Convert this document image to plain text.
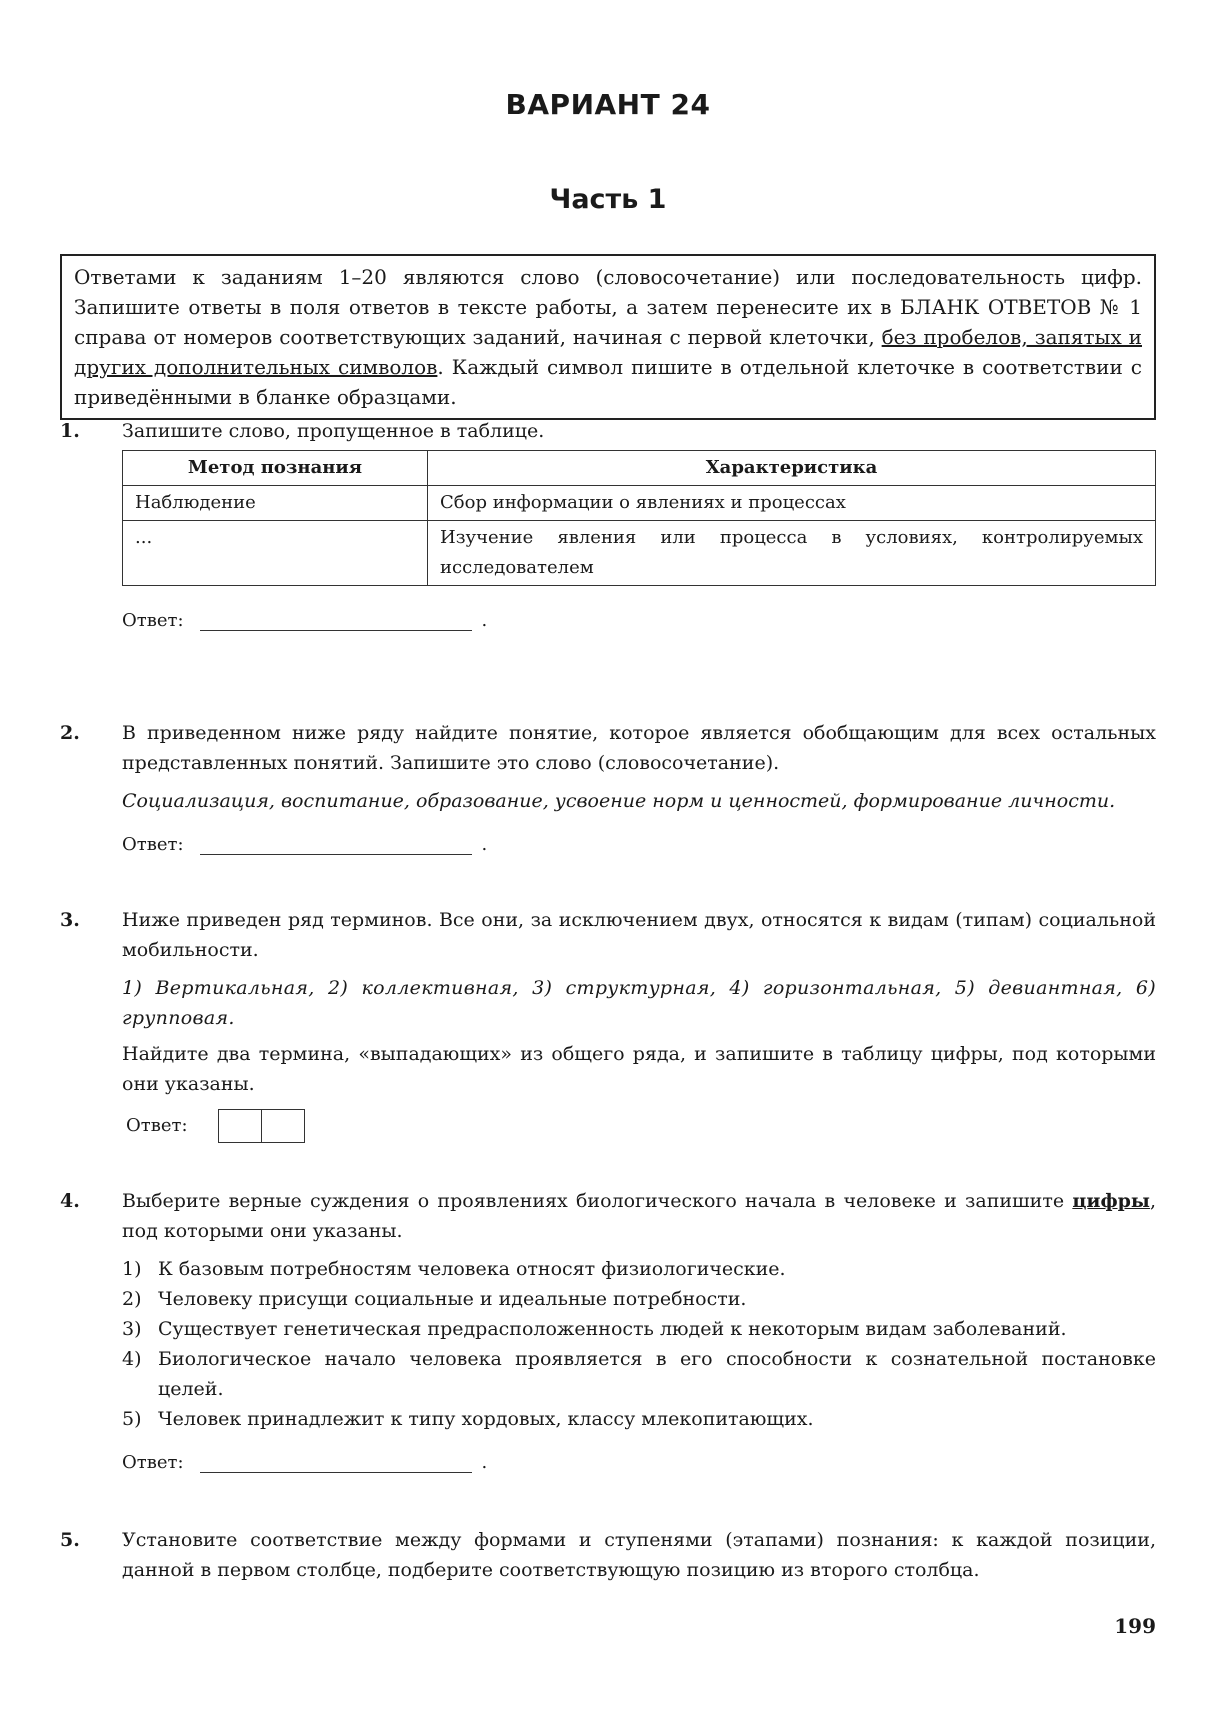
ВАРИАНТ 24
Часть 1
Ответами к заданиям 1–20 являются слово (словосочетание) или последовательность цифр. Запишите ответы в поля ответов в тексте работы, а затем перенесите их в БЛАНК ОТВЕТОВ № 1 справа от номеров соответствующих заданий, начиная с первой клеточки, без пробелов, запятых и других дополнительных символов. Каждый символ пишите в отдельной клеточке в соответствии с приведёнными в бланке образцами.
1.	Запишите слово, пропущенное в таблице.

Метод познания	Характеристика
Наблюдение	Сбор информации о явлениях и процессах
...	Изучение явления или процесса в условиях, контролируемых исследователем
Ответ:	.
2.	В приведенном ниже ряду найдите понятие, которое является обобщающим для всех остальных представленных понятий. Запишите это слово (словосочетание).

Социализация, воспитание, образование, усвоение норм и ценностей, формирование личности.

Ответ:	.
3.	Ниже приведен ряд терминов. Все они, за исключением двух, относятся к видам (типам) социальной мобильности.

1) Вертикальная, 2) коллективная, 3) структурная, 4) горизонтальная, 5) девиантная, 6) групповая.

Найдите два термина, «выпадающих» из общего ряда, и запишите в таблицу цифры, под которыми они указаны.

Ответ:
4.	Выберите верные суждения о проявлениях биологического начала в человеке и запишите цифры, под которыми они указаны.

1) К базовым потребностям человека относят физиологические.
2) Человеку присущи социальные и идеальные потребности.
3) Существует генетическая предрасположенность людей к некоторым видам заболеваний.
4) Биологическое начало человека проявляется в его способности к сознательной постановке целей.
5) Человек принадлежит к типу хордовых, классу млекопитающих.
Ответ:	.
5.	Установите соответствие между формами и ступенями (этапами) познания: к каждой позиции, данной в первом столбце, подберите соответствующую позицию из второго столбца.

199
